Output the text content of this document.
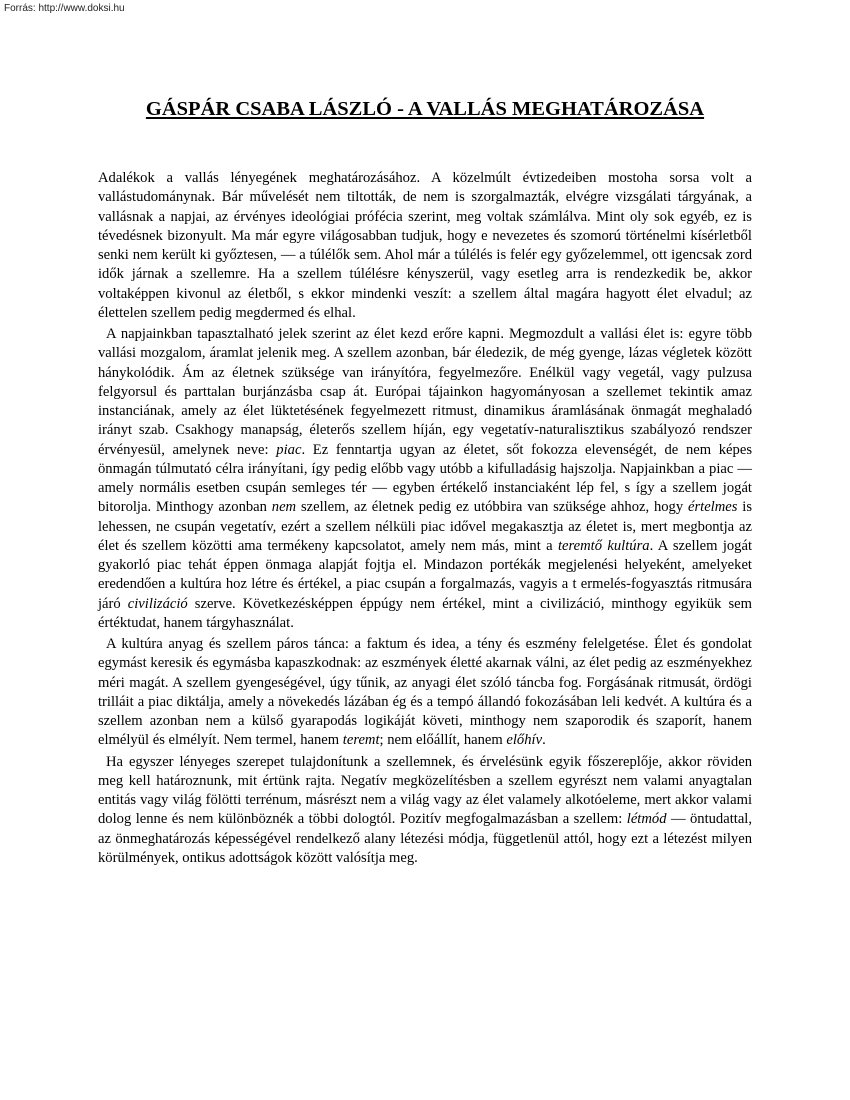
Forrás: http://www.doksi.hu
GÁSPÁR CSABA LÁSZLÓ - A VALLÁS MEGHATÁROZÁSA

Adalékok a vallás lényegének meghatározásához. A közelmúlt évtizedeiben mostoha sorsa volt a vallástudománynak. Bár művelését nem tiltották, de nem is szorgalmazták, elvégre vizsgálati tárgyának, a vallásnak a napjai, az érvényes ideológiai prófécia szerint, meg voltak számlálva. Mint oly sok egyéb, ez is tévedésnek bizonyult. Ma már egyre világosabban tudjuk, hogy e nevezetes és szomorú történelmi kísérletből senki nem került ki győztesen, — a túlélők sem. Ahol már a túlélés is felér egy győzelemmel, ott igencsak zord idők járnak a szellemre. Ha a szellem túlélésre kényszerül, vagy esetleg arra is rendezkedik be, akkor voltaképpen kivonul az életből, s ekkor mindenki veszít: a szellem által magára hagyott élet elvadul; az élettelen szellem pedig megdermed és elhal.

A napjainkban tapasztalható jelek szerint az élet kezd erőre kapni. Megmozdult a vallási élet is: egyre több vallási mozgalom, áramlat jelenik meg. A szellem azonban, bár éledezik, de még gyenge, lázas végletek között hánykolódik. Ám az életnek szüksége van irányítóra, fegyelmezőre. Enélkül vagy vegetál, vagy pulzusa felgyorsul és parttalan burjánzásba csap át. Európai tájainkon hagyományosan a szellemet tekintik amaz instanciának, amely az élet lüktetésének fegyelmezett ritmust, dinamikus áramlásának önmagát meghaladó irányt szab. Csakhogy manapság, életerős szellem híján, egy vegetatív-naturalisztikus szabályozó rendszer érvényesül, amelynek neve: piac. Ez fenntartja ugyan az életet, sőt fokozza elevenségét, de nem képes önmagán túlmutató célra irányítani, így pedig előbb vagy utóbb a kifulladásig hajszolja. Napjainkban a piac — amely normális esetben csupán semleges tér — egyben értékelő instanciaként lép fel, s így a szellem jogát bitorolja. Minthogy azonban nem szellem, az életnek pedig ez utóbbira van szüksége ahhoz, hogy értelmes is lehessen, ne csupán vegetatív, ezért a szellem nélküli piac idővel megakasztja az életet is, mert megbontja az élet és szellem közötti ama termékeny kapcsolatot, amely nem más, mint a teremtő kultúra. A szellem jogát gyakorló piac tehát éppen önmaga alapját fojtja el. Mindazon portékák megjelenési helyeként, amelyeket eredendően a kultúra hoz létre és értékel, a piac csupán a forgalmazás, vagyis a t ermelés-fogyasztás ritmusára járó civilizáció szerve. Következésképpen éppúgy nem értékel, mint a civilizáció, minthogy egyikük sem értéktudat, hanem tárgyhasználat.

A kultúra anyag és szellem páros tánca: a faktum és idea, a tény és eszmény felelgetése. Élet és gondolat egymást keresik és egymásba kapaszkodnak: az eszmények életté akarnak válni, az élet pedig az eszményekhez méri magát. A szellem gyengeségével, úgy tűnik, az anyagi élet szóló táncba fog. Forgásának ritmusát, ördögi trilláit a piac diktálja, amely a növekedés lázában ég és a tempó állandó fokozásában leli kedvét. A kultúra és a szellem azonban nem a külső gyarapodás logikáját követi, minthogy nem szaporodik és szaporít, hanem elmélyül és elmélyít. Nem termel, hanem teremt; nem előállít, hanem előhív.

Ha egyszer lényeges szerepet tulajdonítunk a szellemnek, és érvelésünk egyik főszereplője, akkor röviden meg kell határoznunk, mit értünk rajta. Negatív megközelítésben a szellem egyrészt nem valami anyagtalan entitás vagy világ fölötti terrénum, másrészt nem a világ vagy az élet valamely alkotóeleme, mert akkor valami dolog lenne és nem különböznék a többi dologtól. Pozitív megfogalmazásban a szellem: létmód — öntudattal, az önmeghatározás képességével rendelkező alany létezési módja, függetlenül attól, hogy ezt a létezést milyen körülmények, ontikus adottságok között valósítja meg.
